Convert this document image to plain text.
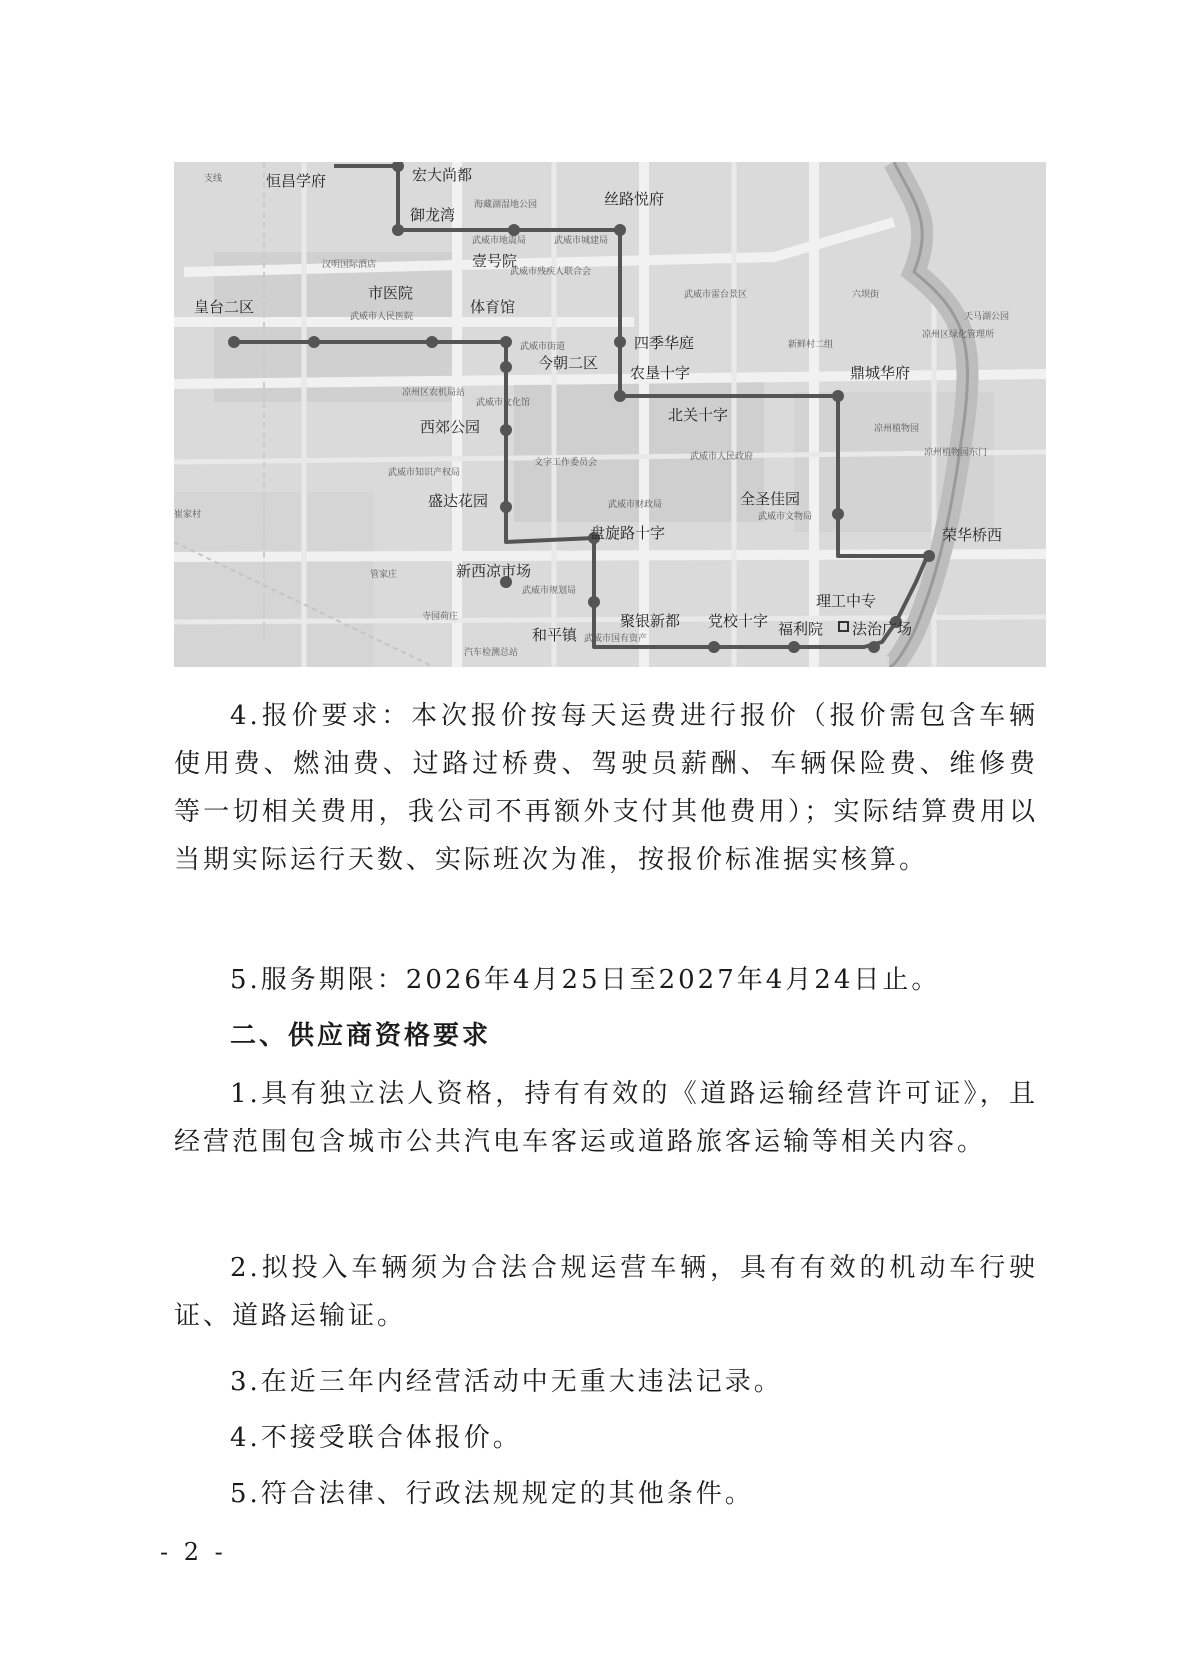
恒昌学府	宏大尚都
御龙湾
丝路悦府
壹号院
市医院
体育馆
皇台二区
四季华庭
今朝二区
农垦十字	鼎城华府
西郊公园
北关十字
盛达花园	全圣佳园
盘旋路十字	荣华桥西
新西凉市场
理工中专
和平镇
聚银新都 党校十字 福利院 法治广场
海藏湖湿地公园
武威市地震局	武威市城建局
武威市残疾人联合会
汉明国际酒店
武威市人民医院
武威市街道
凉州区农机局站
武威市雷台景区
新鲜村二组
六坝街
凉州植物园
凉州植物园东门
武威市人民政府
武威市文化馆
武威市财政局
武威市文物局
武威市知识产权局
文字工作委员会
武威市规划局
汽车检测总站
崔家村
管家庄
寺园荷庄
武威市国有资产
天马湖公园
凉州区绿化管理所
支线

4.报价要求：本次报价按每天运费进行报价（报价需包含车辆使用费、燃油费、过路过桥费、驾驶员薪酬、车辆保险费、维修费等一切相关费用，我公司不再额外支付其他费用）；实际结算费用以当期实际运行天数、实际班次为准，按报价标准据实核算。

5.服务期限：2026年4月25日至2027年4月24日止。

二、供应商资格要求

1.具有独立法人资格，持有有效的《道路运输经营许可证》，且经营范围包含城市公共汽电车客运或道路旅客运输等相关内容。

2.拟投入车辆须为合法合规运营车辆，具有有效的机动车行驶证、道路运输证。

3.在近三年内经营活动中无重大违法记录。

4.不接受联合体报价。

5.符合法律、行政法规规定的其他条件。

- 2 -
